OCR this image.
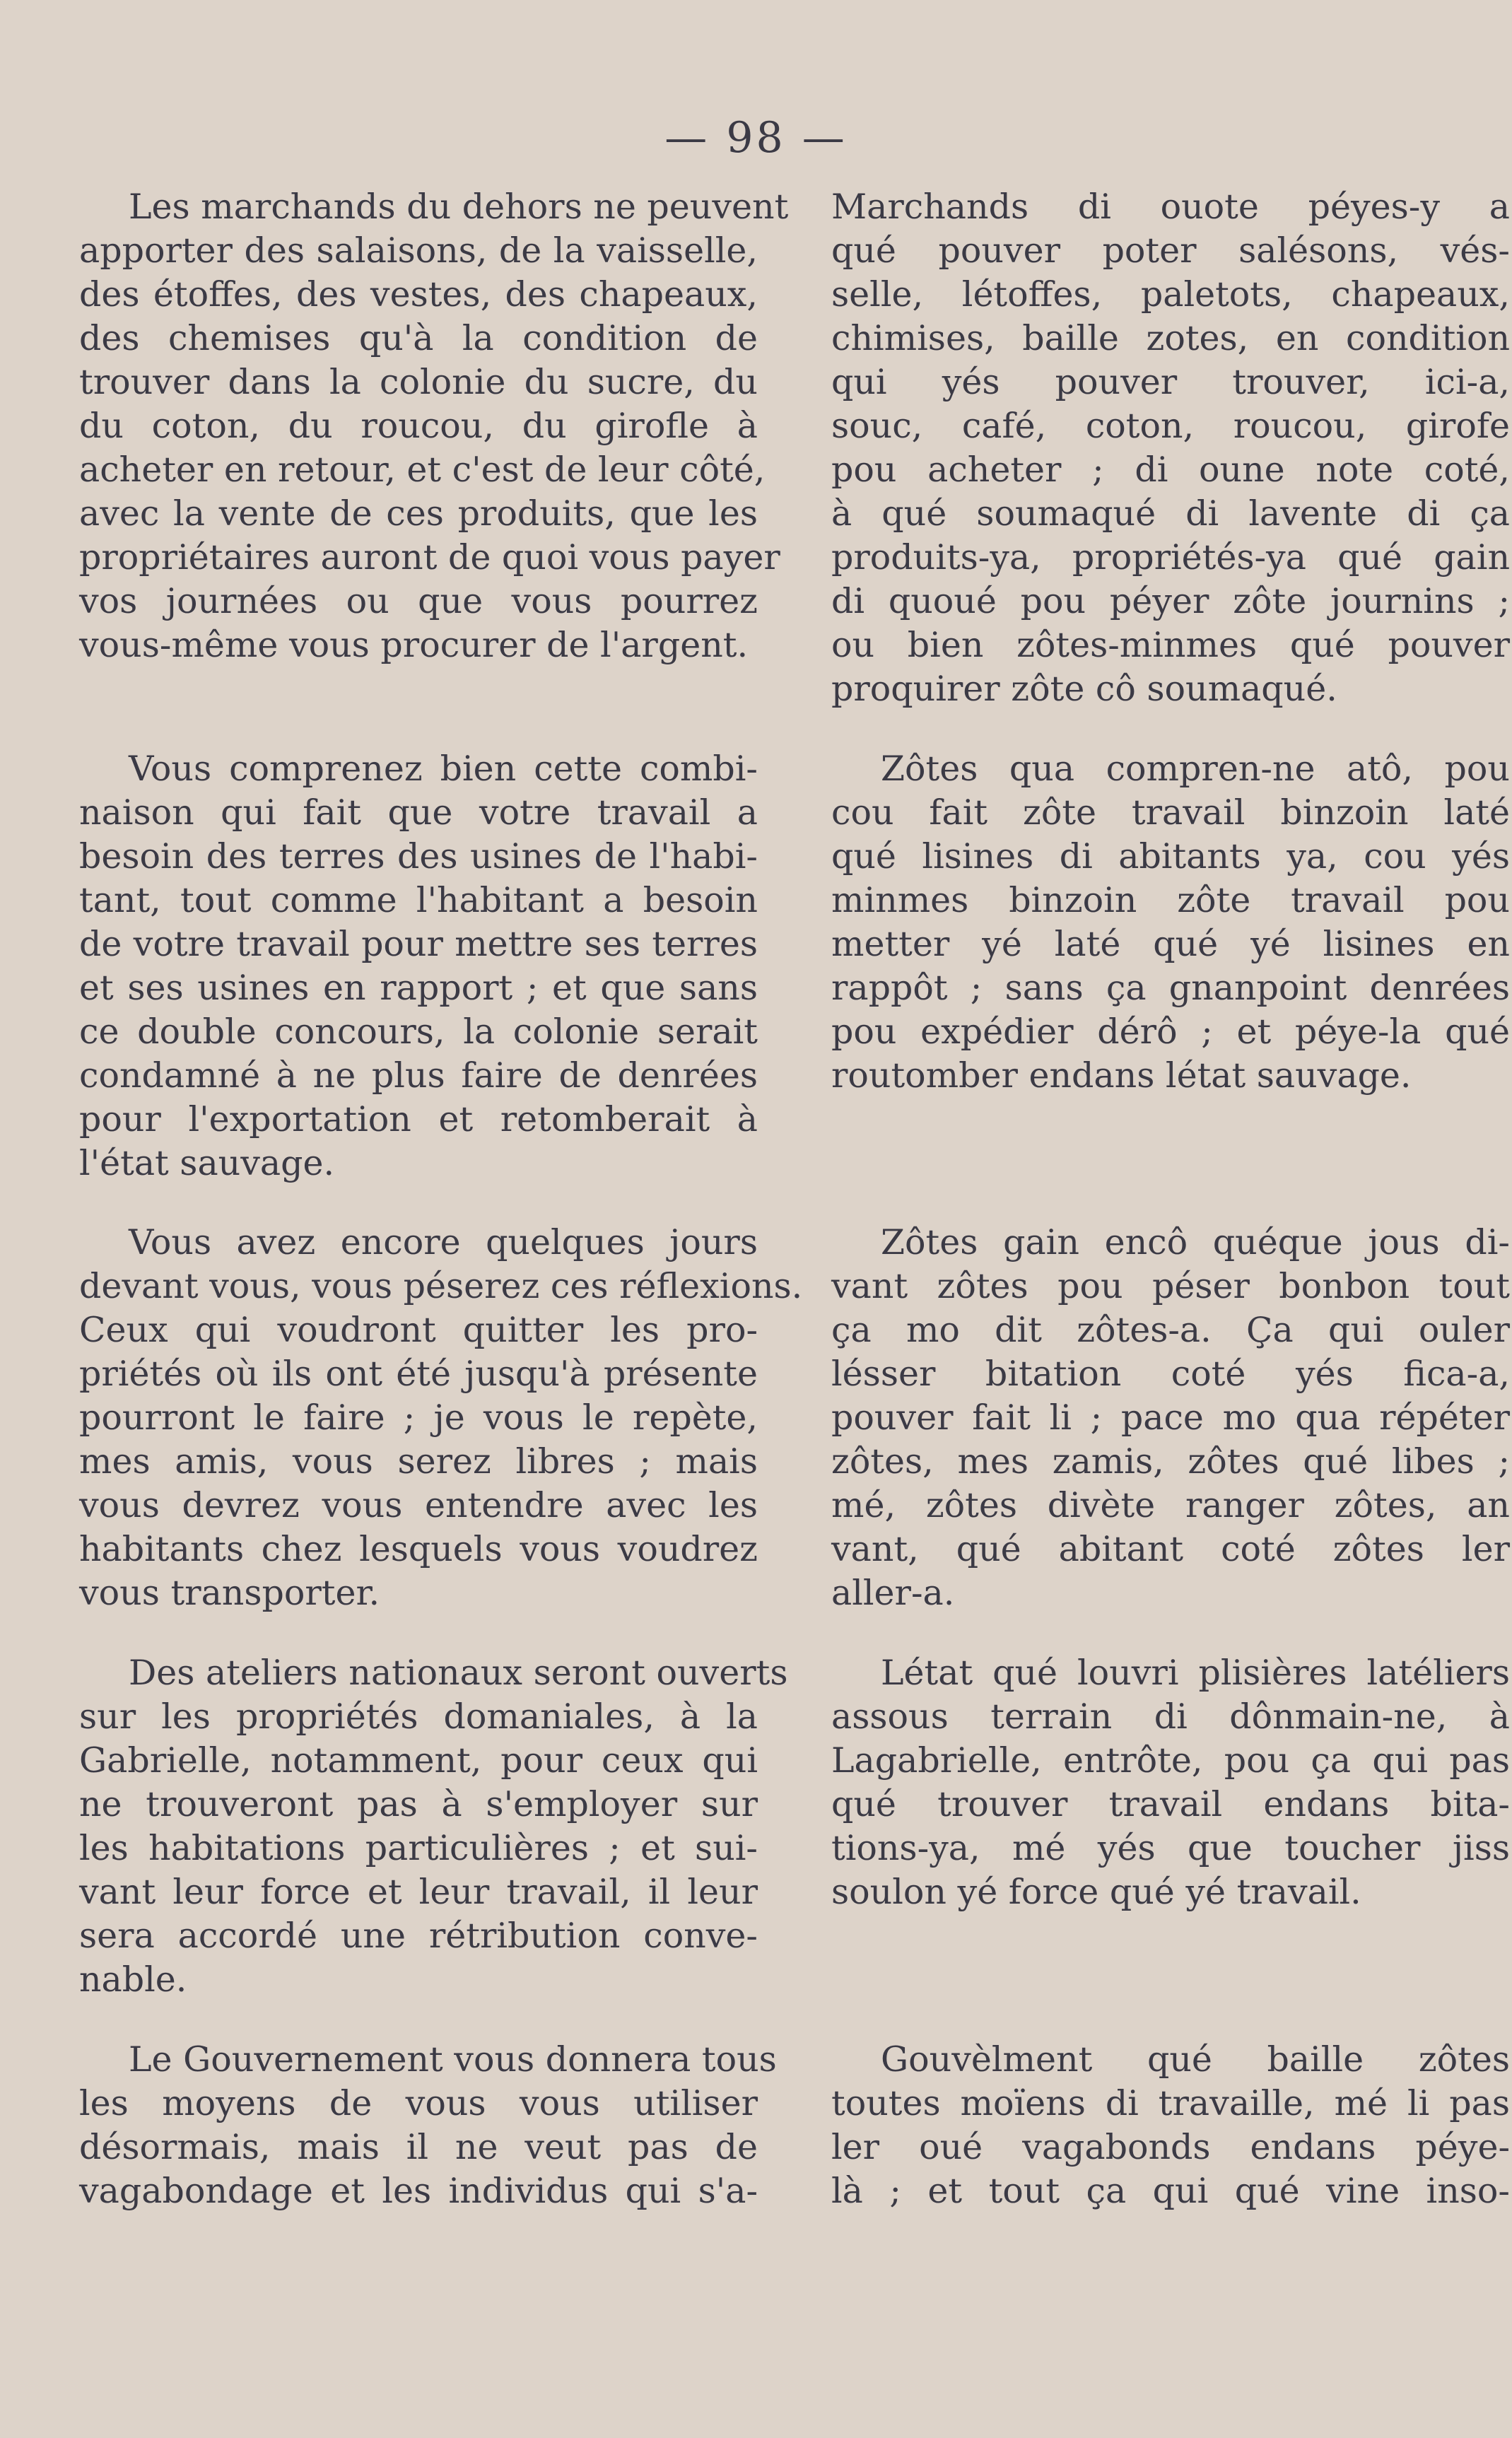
— 98 —

Les marchands du dehors ne peuvent
apporter des salaisons, de la vaisselle,
des étoffes, des vestes, des chapeaux,
des chemises qu'à la condition de
trouver dans la colonie du sucre, du
du coton, du roucou, du girofle à
acheter en retour, et c'est de leur côté,
avec la vente de ces produits, que les
propriétaires auront de quoi vous payer
vos journées ou que vous pourrez
vous-même vous procurer de l'argent.

Vous comprenez bien cette combi-
naison qui fait que votre travail a
besoin des terres des usines de l'habi-
tant, tout comme l'habitant a besoin
de votre travail pour mettre ses terres
et ses usines en rapport ; et que sans
ce double concours, la colonie serait
condamné à ne plus faire de denrées
pour l'exportation et retomberait à
l'état sauvage.

Vous avez encore quelques jours
devant vous, vous péserez ces réflexions.
Ceux qui voudront quitter les pro-
priétés où ils ont été jusqu'à présente
pourront le faire ; je vous le repète,
mes amis, vous serez libres ; mais
vous devrez vous entendre avec les
habitants chez lesquels vous voudrez
vous transporter.

Des ateliers nationaux seront ouverts
sur les propriétés domaniales, à la
Gabrielle, notamment, pour ceux qui
ne trouveront pas à s'employer sur
les habitations particulières ; et sui-
vant leur force et leur travail, il leur
sera accordé une rétribution conve-
nable.

Le Gouvernement vous donnera tous
les moyens de vous vous utiliser
désormais, mais il ne veut pas de
vagabondage et les individus qui s'a-

Marchands di ouote péyes-y a
qué pouver poter salésons, vés-
selle, létoffes, paletots, chapeaux,
chimises, baille zotes, en condition
qui yés pouver trouver, ici-a,
souc, café, coton, roucou, girofe
pou acheter ; di oune note coté,
à qué soumaqué di lavente di ça
produits-ya, propriétés-ya qué gain
di quoué pou péyer zôte journins ;
ou bien zôtes-minmes qué pouver
proquirer zôte cô soumaqué.

Zôtes qua compren-ne atô, pou
cou fait zôte travail binzoin laté
qué lisines di abitants ya, cou yés
minmes binzoin zôte travail pou
metter yé laté qué yé lisines en
rappôt ; sans ça gnanpoint denrées
pou expédier dérô ; et péye-la qué
routomber endans létat sauvage.

Zôtes gain encô quéque jous di-
vant zôtes pou péser bonbon tout
ça mo dit zôtes-a. Ça qui ouler
lésser bitation coté yés fica-a,
pouver fait li ; pace mo qua répéter
zôtes, mes zamis, zôtes qué libes ;
mé, zôtes divète ranger zôtes, an
vant, qué abitant coté zôtes ler
aller-a.

Létat qué louvri plisières latéliers
assous terrain di dônmain-ne, à
Lagabrielle, entrôte, pou ça qui pas
qué trouver travail endans bita-
tions-ya, mé yés que toucher jiss
soulon yé force qué yé travail.

Gouvèlment qué baille zôtes
toutes moïens di travaille, mé li pas
ler oué vagabonds endans péye-
là ; et tout ça qui qué vine inso-
